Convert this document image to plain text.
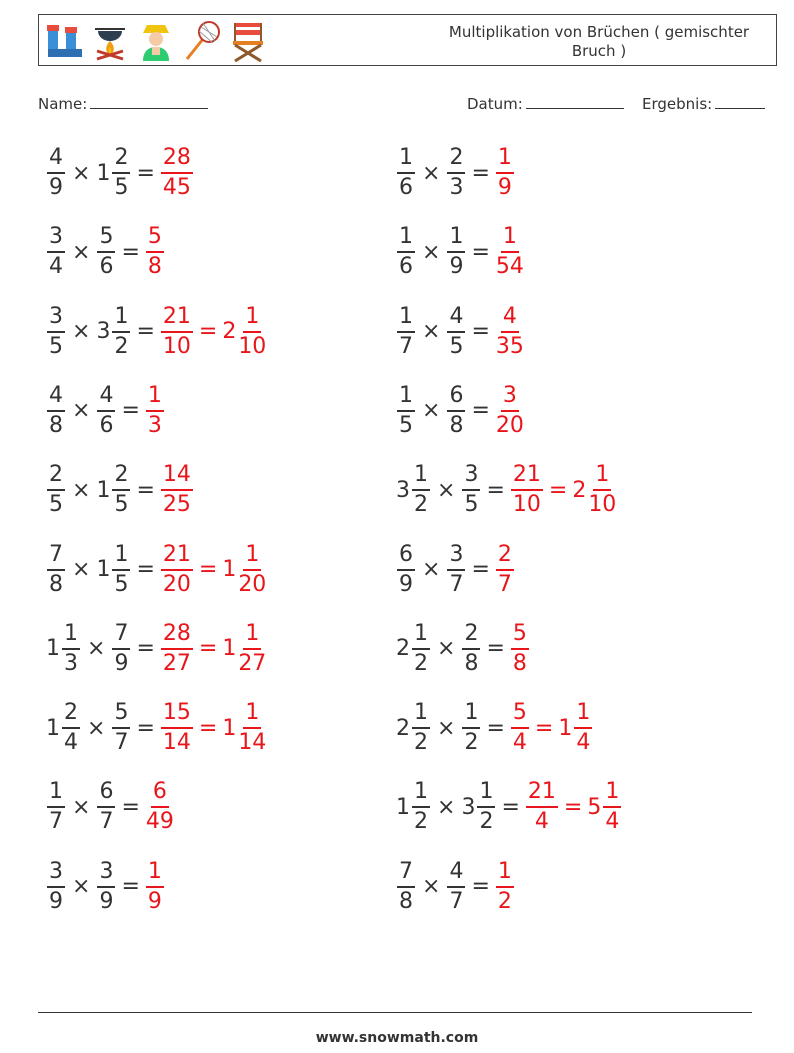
Multiplikation von Brüchen ( gemischter Bruch )
Name:	Datum:	Ergebnis:
$\frac{4}{9} \times 1 \frac{2}{5} = \frac{28}{45}$	$\frac{1}{6} \times \frac{2}{3} = \frac{1}{9}$
$\frac{3}{4} \times \frac{5}{6} = \frac{5}{8}$	$\frac{1}{6} \times \frac{1}{9} = \frac{1}{54}$
$\frac{3}{5} \times 3 \frac{1}{2} = \frac{21}{10} = 2 \frac{1}{10}$	$\frac{1}{7} \times \frac{4}{5} = \frac{4}{35}$
$\frac{4}{8} \times \frac{4}{6} = \frac{1}{3}$	$\frac{1}{5} \times \frac{6}{8} = \frac{3}{20}$
$\frac{2}{5} \times 1 \frac{2}{5} = \frac{14}{25}$	$3 \frac{1}{2} \times \frac{3}{5} = \frac{21}{10} = 2 \frac{1}{10}$
$\frac{7}{8} \times 1 \frac{1}{5} = \frac{21}{20} = 1 \frac{1}{20}$	$\frac{6}{9} \times \frac{3}{7} = \frac{2}{7}$
$1 \frac{1}{3} \times \frac{7}{9} = \frac{28}{27} = 1 \frac{1}{27}$	$2 \frac{1}{2} \times \frac{2}{8} = \frac{5}{8}$
$1 \frac{2}{4} \times \frac{5}{7} = \frac{15}{14} = 1 \frac{1}{14}$	$2 \frac{1}{2} \times \frac{1}{2} = \frac{5}{4} = 1 \frac{1}{4}$
$\frac{1}{7} \times \frac{6}{7} = \frac{6}{49}$	$1 \frac{1}{2} \times 3 \frac{1}{2} = \frac{21}{4} = 5 \frac{1}{4}$
$\frac{3}{9} \times \frac{3}{9} = \frac{1}{9}$	$\frac{7}{8} \times \frac{4}{7} = \frac{1}{2}$
www.snowmath.com
